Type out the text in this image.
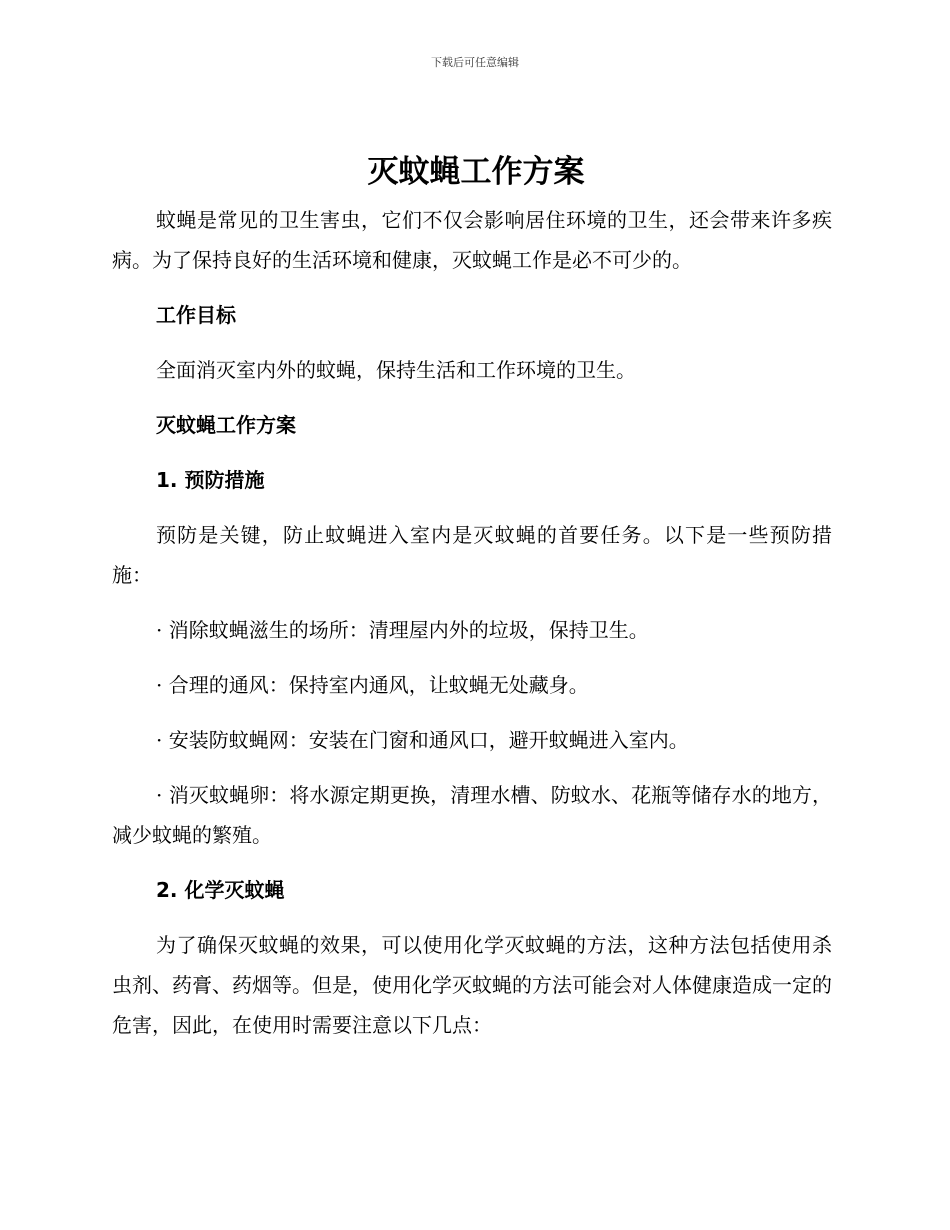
下载后可任意编辑
灭蚊蝇工作方案

蚊蝇是常见的卫生害虫，它们不仅会影响居住环境的卫生，还会带来许多疾病。为了保持良好的生活环境和健康，灭蚊蝇工作是必不可少的。

工作目标

全面消灭室内外的蚊蝇，保持生活和工作环境的卫生。

灭蚊蝇工作方案

1. 预防措施

预防是关键，防止蚊蝇进入室内是灭蚊蝇的首要任务。以下是一些预防措施：

· 消除蚊蝇滋生的场所：清理屋内外的垃圾，保持卫生。

· 合理的通风：保持室内通风，让蚊蝇无处藏身。

· 安装防蚊蝇网：安装在门窗和通风口，避开蚊蝇进入室内。

· 消灭蚊蝇卵：将水源定期更换，清理水槽、防蚊水、花瓶等储存水的地方，减少蚊蝇的繁殖。

2. 化学灭蚊蝇

为了确保灭蚊蝇的效果，可以使用化学灭蚊蝇的方法，这种方法包括使用杀虫剂、药膏、药烟等。但是，使用化学灭蚊蝇的方法可能会对人体健康造成一定的危害，因此，在使用时需要注意以下几点：
